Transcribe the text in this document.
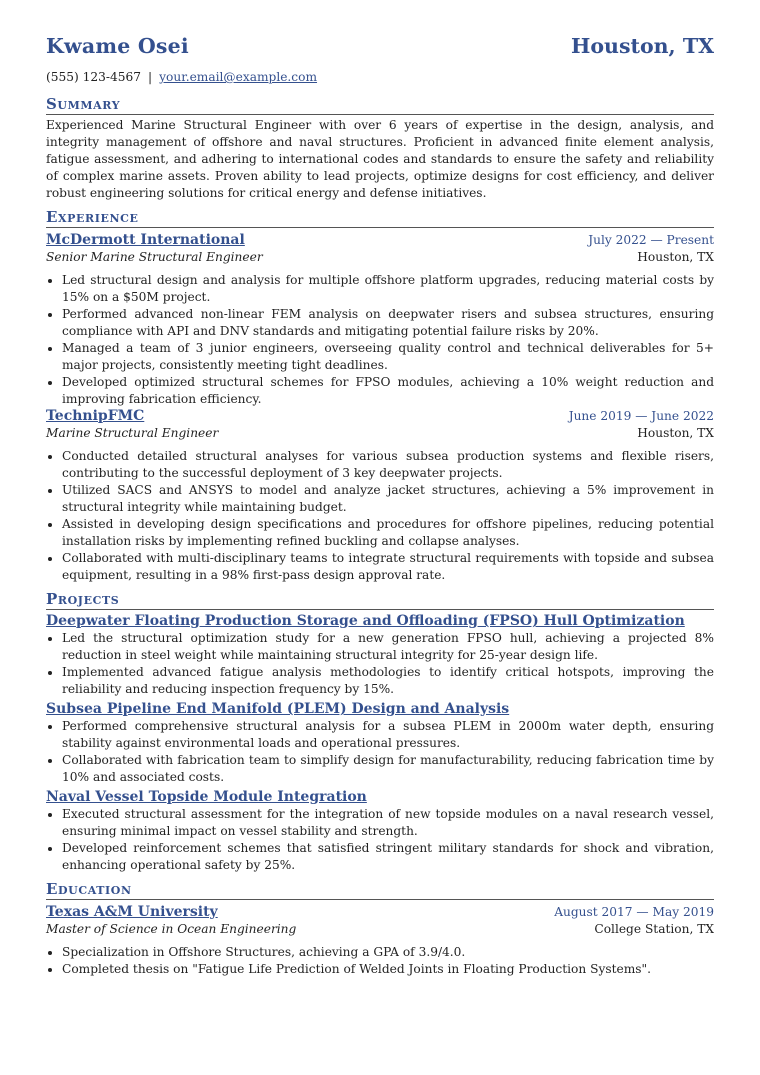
Kwame Osei	Houston, TX
(555) 123-4567 | your.email@example.com
Summary
Experienced Marine Structural Engineer with over 6 years of expertise in the design, analysis, and integrity management of offshore and naval structures. Proficient in advanced finite element analysis, fatigue assessment, and adhering to international codes and standards to ensure the safety and reliability of complex marine assets. Proven ability to lead projects, optimize designs for cost efficiency, and deliver robust engineering solutions for critical energy and defense initiatives.
Experience
McDermott International	July 2022 — Present
Senior Marine Structural Engineer	Houston, TX
Led structural design and analysis for multiple offshore platform upgrades, reducing material costs by 15% on a $50M project.
Performed advanced non-linear FEM analysis on deepwater risers and subsea structures, ensuring compliance with API and DNV standards and mitigating potential failure risks by 20%.
Managed a team of 3 junior engineers, overseeing quality control and technical deliverables for 5+ major projects, consistently meeting tight deadlines.
Developed optimized structural schemes for FPSO modules, achieving a 10% weight reduction and improving fabrication efficiency.
TechnipFMC	June 2019 — June 2022
Marine Structural Engineer	Houston, TX
Conducted detailed structural analyses for various subsea production systems and flexible risers, contributing to the successful deployment of 3 key deepwater projects.
Utilized SACS and ANSYS to model and analyze jacket structures, achieving a 5% improvement in structural integrity while maintaining budget.
Assisted in developing design specifications and procedures for offshore pipelines, reducing potential installation risks by implementing refined buckling and collapse analyses.
Collaborated with multi-disciplinary teams to integrate structural requirements with topside and subsea equipment, resulting in a 98% first-pass design approval rate.
Projects
Deepwater Floating Production Storage and Offloading (FPSO) Hull Optimization
Led the structural optimization study for a new generation FPSO hull, achieving a projected 8% reduction in steel weight while maintaining structural integrity for 25-year design life.
Implemented advanced fatigue analysis methodologies to identify critical hotspots, improving the reliability and reducing inspection frequency by 15%.
Subsea Pipeline End Manifold (PLEM) Design and Analysis
Performed comprehensive structural analysis for a subsea PLEM in 2000m water depth, ensuring stability against environmental loads and operational pressures.
Collaborated with fabrication team to simplify design for manufacturability, reducing fabrication time by 10% and associated costs.
Naval Vessel Topside Module Integration
Executed structural assessment for the integration of new topside modules on a naval research vessel, ensuring minimal impact on vessel stability and strength.
Developed reinforcement schemes that satisfied stringent military standards for shock and vibration, enhancing operational safety by 25%.
Education
Texas A&M University	August 2017 — May 2019
Master of Science in Ocean Engineering	College Station, TX
Specialization in Offshore Structures, achieving a GPA of 3.9/4.0.
Completed thesis on "Fatigue Life Prediction of Welded Joints in Floating Production Systems".
